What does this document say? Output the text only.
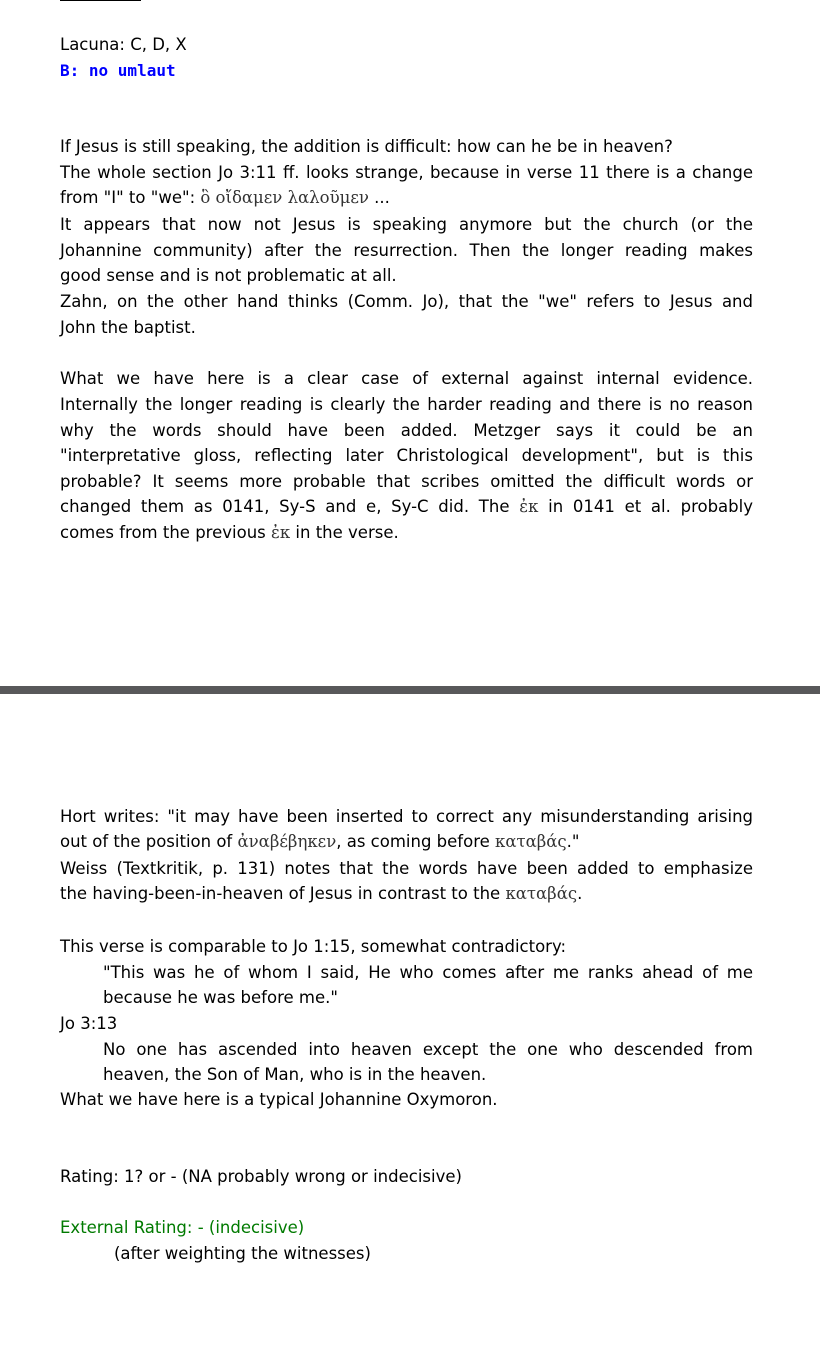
Lacuna: C, D, X
B: no umlaut
If Jesus is still speaking, the addition is difficult: how can he be in heaven?
The whole section Jo 3:11 ff. looks strange, because in verse 11 there is a change
from "I" to "we": ὃ οἴδαμεν λαλοῦμεν ...
It appears that now not Jesus is speaking anymore but the church (or the
Johannine community) after the resurrection. Then the longer reading makes
good sense and is not problematic at all.
Zahn, on the other hand thinks (Comm. Jo), that the "we" refers to Jesus and
John the baptist.
What we have here is a clear case of external against internal evidence.
Internally the longer reading is clearly the harder reading and there is no reason
why the words should have been added. Metzger says it could be an
"interpretative gloss, reflecting later Christological development", but is this
probable? It seems more probable that scribes omitted the difficult words or
changed them as 0141, Sy-S and e, Sy-C did. The ἐκ in 0141 et al. probably
comes from the previous ἐκ in the verse.
Hort writes: "it may have been inserted to correct any misunderstanding arising
out of the position of ἀναβέβηκεν, as coming before καταβάς."
Weiss (Textkritik, p. 131) notes that the words have been added to emphasize
the having-been-in-heaven of Jesus in contrast to the καταβάς.
This verse is comparable to Jo 1:15, somewhat contradictory:
"This was he of whom I said, He who comes after me ranks ahead of me
because he was before me."
Jo 3:13
No one has ascended into heaven except the one who descended from
heaven, the Son of Man, who is in the heaven.
What we have here is a typical Johannine Oxymoron.
Rating: 1? or - (NA probably wrong or indecisive)
External Rating: - (indecisive)
(after weighting the witnesses)
